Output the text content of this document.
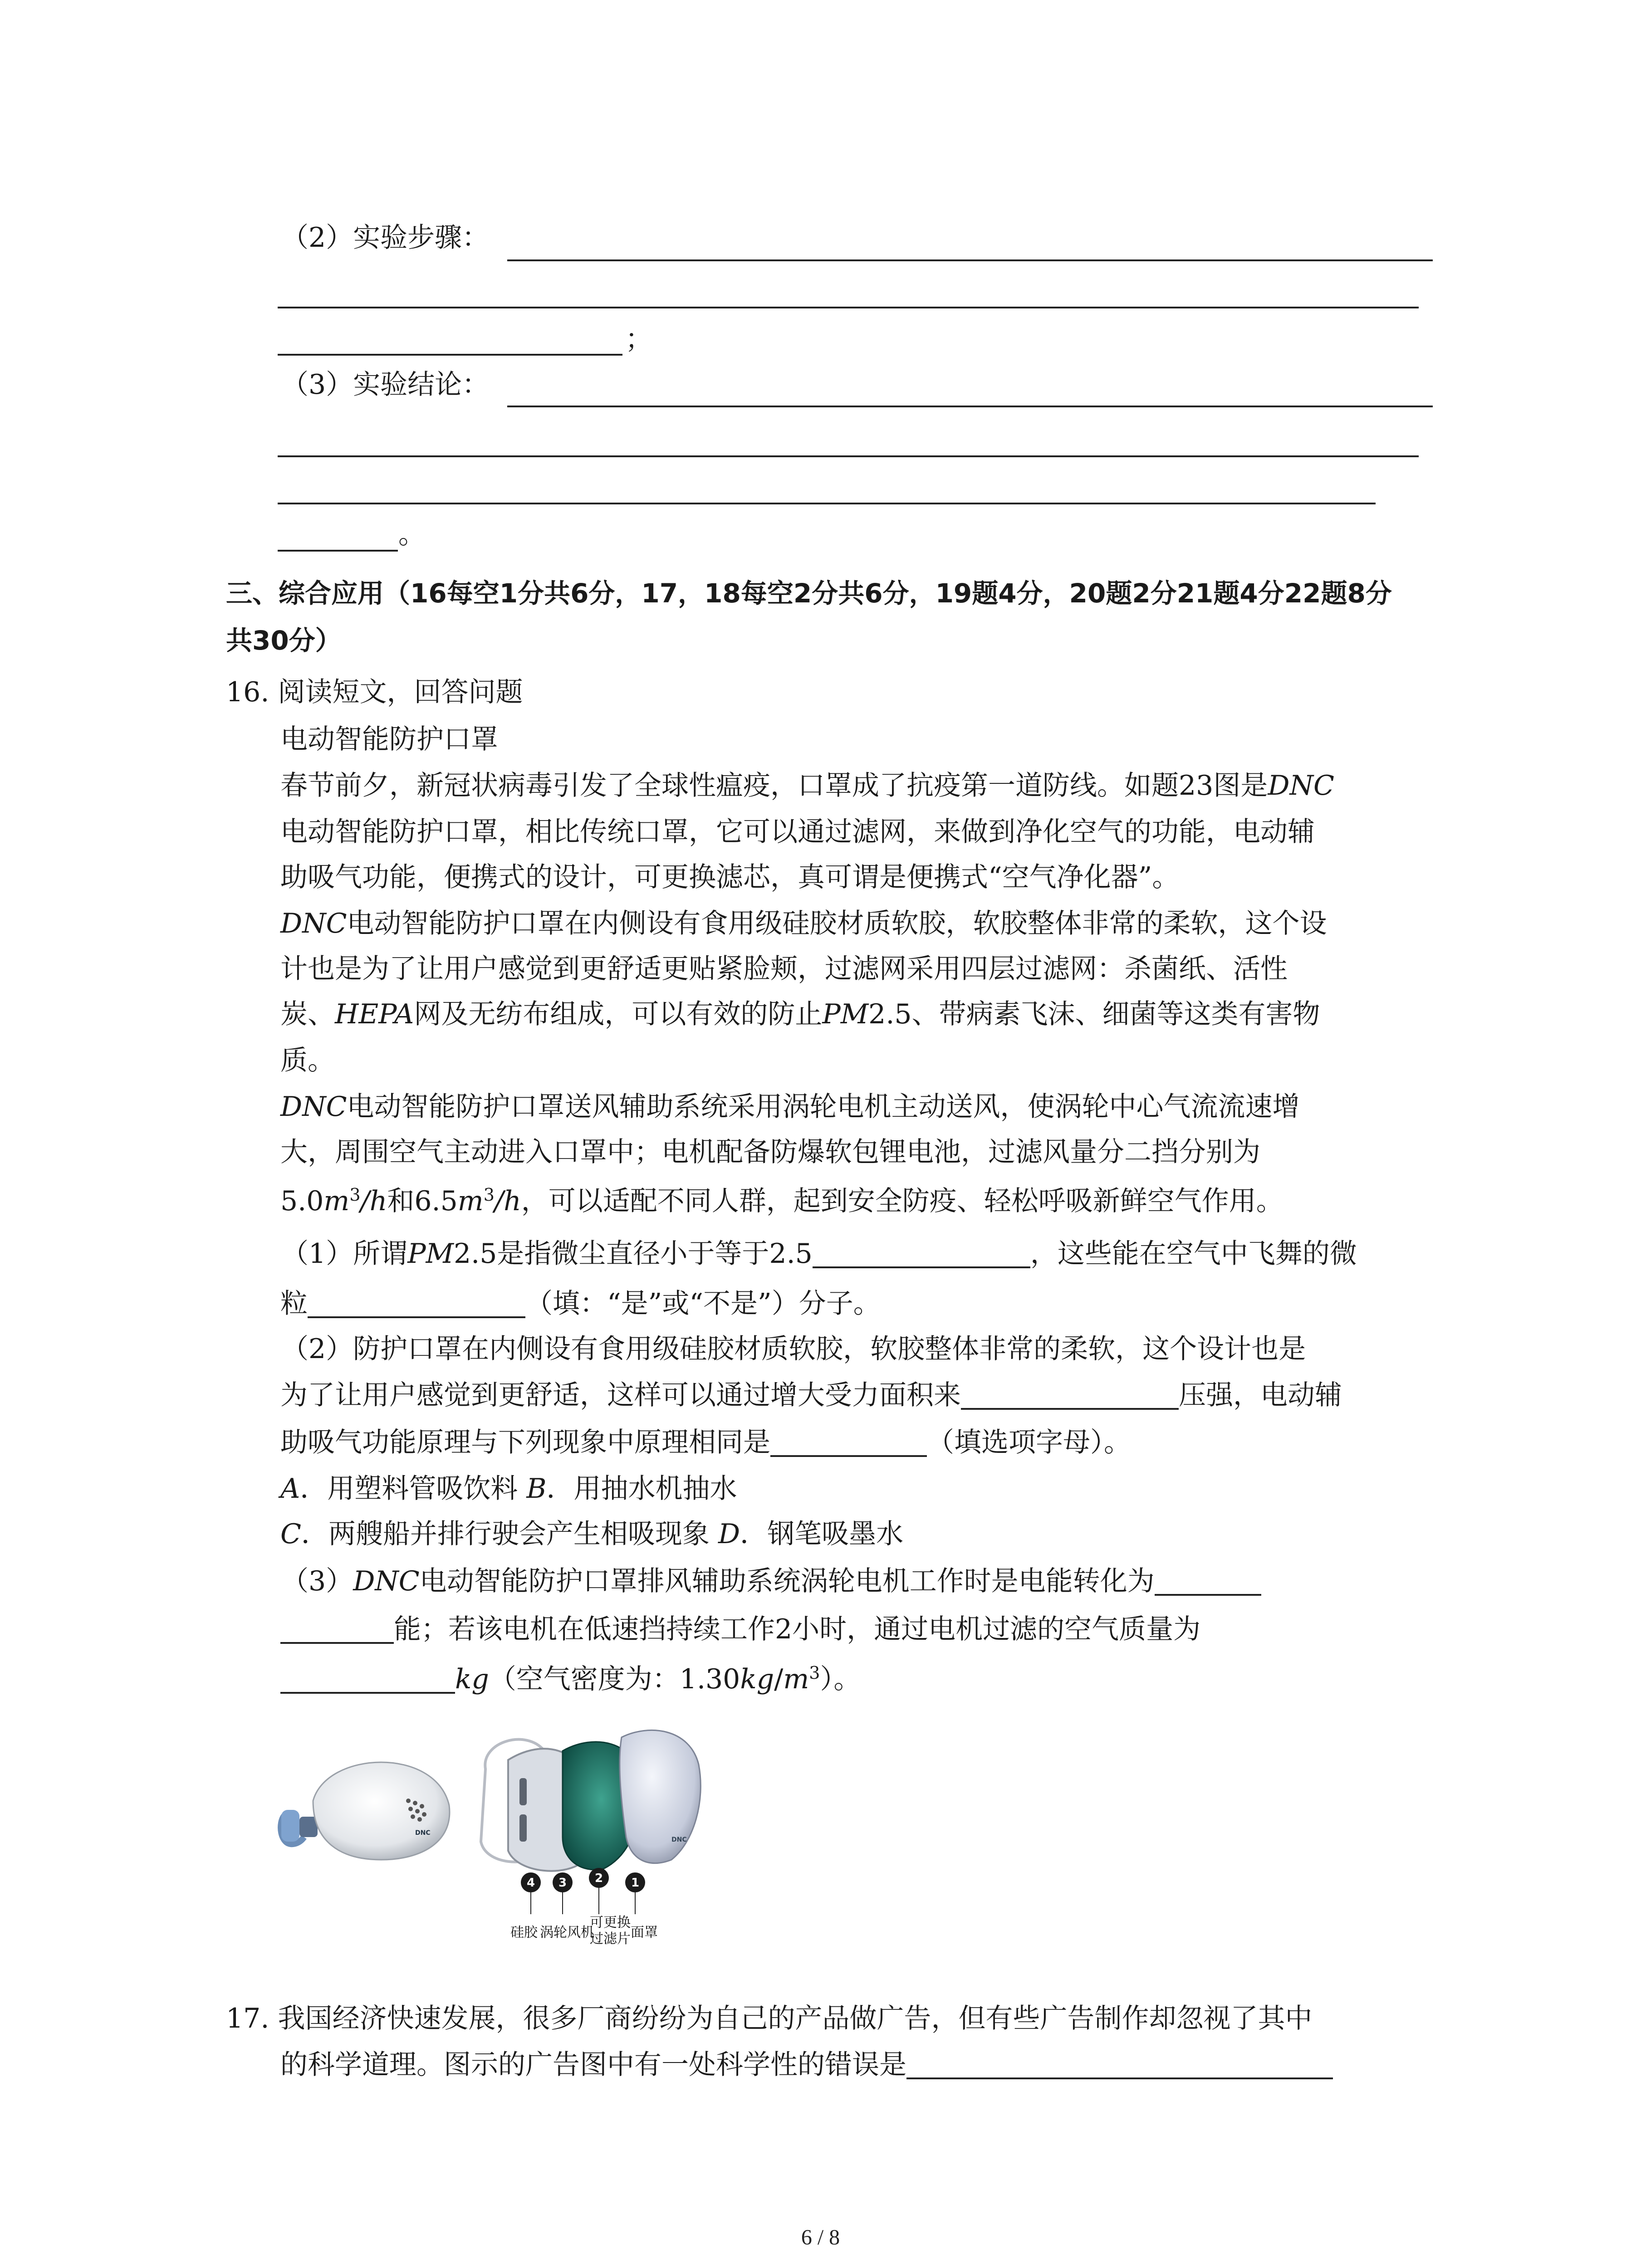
（2）实验步骤：
；
（3）实验结论：
。
三、综合应用（16每空1分共6分，17，18每空2分共6分，19题4分，20题2分21题4分22题8分
共30分）
16. 阅读短文，回答问题
电动智能防护口罩
春节前夕，新冠状病毒引发了全球性瘟疫，口罩成了抗疫第一道防线。如题23图是DNC
电动智能防护口罩，相比传统口罩，它可以通过滤网，来做到净化空气的功能，电动辅
助吸气功能，便携式的设计，可更换滤芯，真可谓是便携式“空气净化器”。
DNC电动智能防护口罩在内侧设有食用级硅胶材质软胶，软胶整体非常的柔软，这个设
计也是为了让用户感觉到更舒适更贴紧脸颊，过滤网采用四层过滤网：杀菌纸、活性
炭、HEPA网及无纺布组成，可以有效的防止PM2.5、带病素飞沫、细菌等这类有害物
质。
DNC电动智能防护口罩送风辅助系统采用涡轮电机主动送风，使涡轮中心气流流速增
大，周围空气主动进入口罩中；电机配备防爆软包锂电池，过滤风量分二挡分别为
$5.0m^3/h$和$6.5m^3/h$，可以适配不同人群，起到安全防疫、轻松呼吸新鲜空气作用。
（1）所谓PM2.5是指微尘直径小于等于2.5	，这些能在空气中飞舞的微
粒	（填：“是”或“不是”）分子。
（2）防护口罩在内侧设有食用级硅胶材质软胶，软胶整体非常的柔软，这个设计也是
为了让用户感觉到更舒适，这样可以通过增大受力面积来	压强，电动辅
助吸气功能原理与下列现象中原理相同是	（填选项字母）。
A．用塑料管吸饮料 B．用抽水机抽水
C．两艘船并排行驶会产生相吸现象 D．钢笔吸墨水
（3）DNC电动智能防护口罩排风辅助系统涡轮电机工作时是电能转化为
能；若该电机在低速挡持续工作2小时，通过电机过滤的空气质量为
kg（空气密度为：$1.30kg/m^3$）。
DNC
DNC
4 3 2 1
硅胶 涡轮风机
可更换
过滤片 面罩
17. 我国经济快速发展，很多厂商纷纷为自己的产品做广告，但有些广告制作却忽视了其中
的科学道理。图示的广告图中有一处科学性的错误是
6 / 8
